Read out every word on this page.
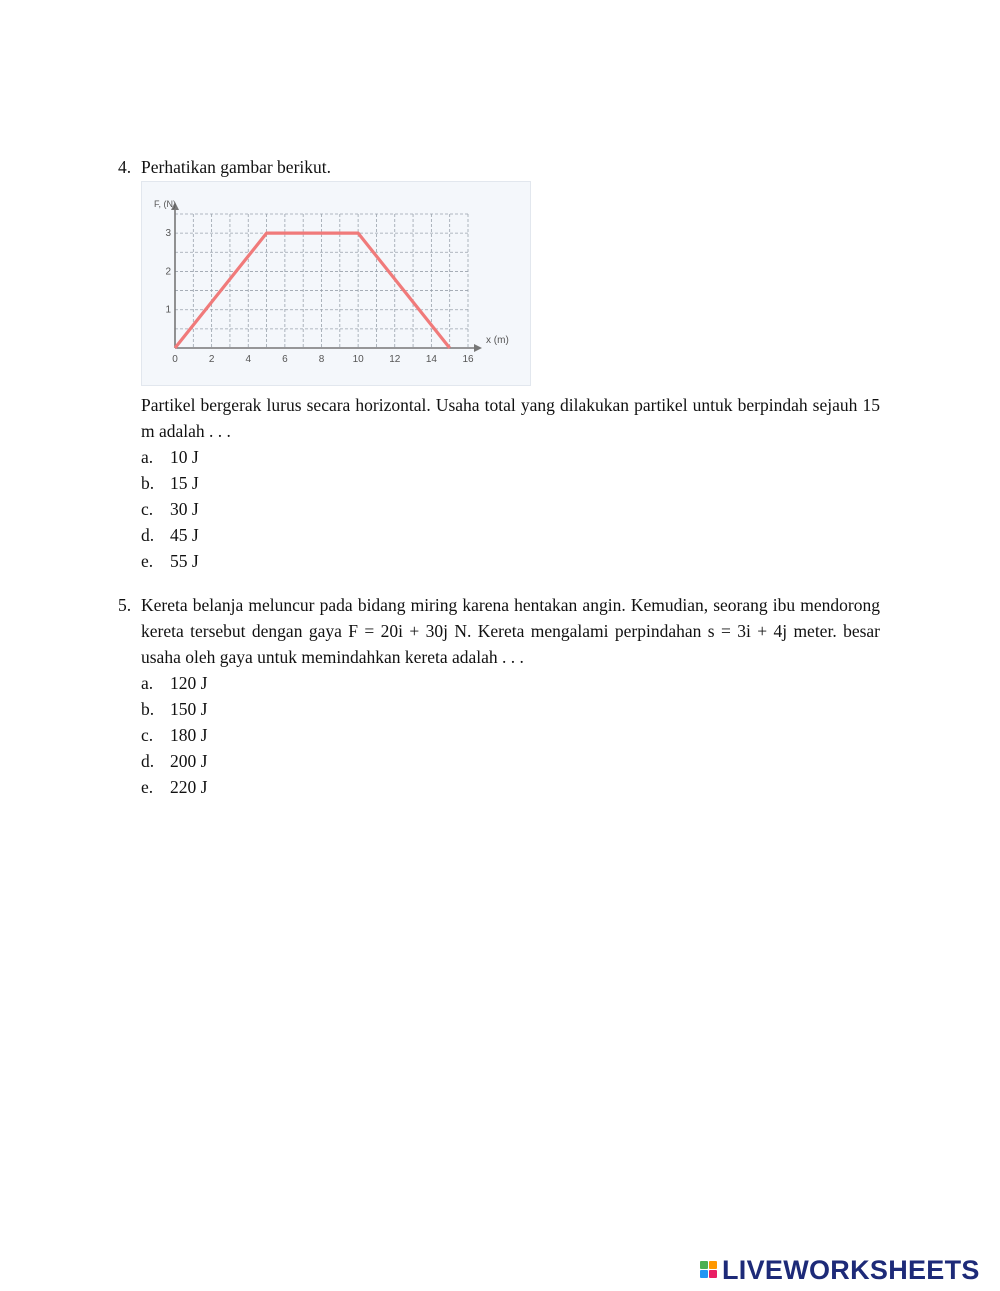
4. Perhatikan gambar berikut.
0	2	4	6	8	10	12	14	16
1
2
3
x (m)
F, (N)
Partikel bergerak lurus secara horizontal. Usaha total yang dilakukan partikel untuk berpindah sejauh 15 m adalah . . .
a. 10 J
b. 15 J
c. 30 J
d. 45 J
e. 55 J
5. Kereta belanja meluncur pada bidang miring karena hentakan angin. Kemudian, seorang ibu mendorong kereta tersebut dengan gaya F = 20i + 30j N. Kereta mengalami perpindahan s = 3i + 4j meter. besar usaha oleh gaya untuk memindahkan kereta adalah . . .
a. 120 J
b. 150 J
c. 180 J
d. 200 J
e. 220 J
LIVEWORKSHEETS
